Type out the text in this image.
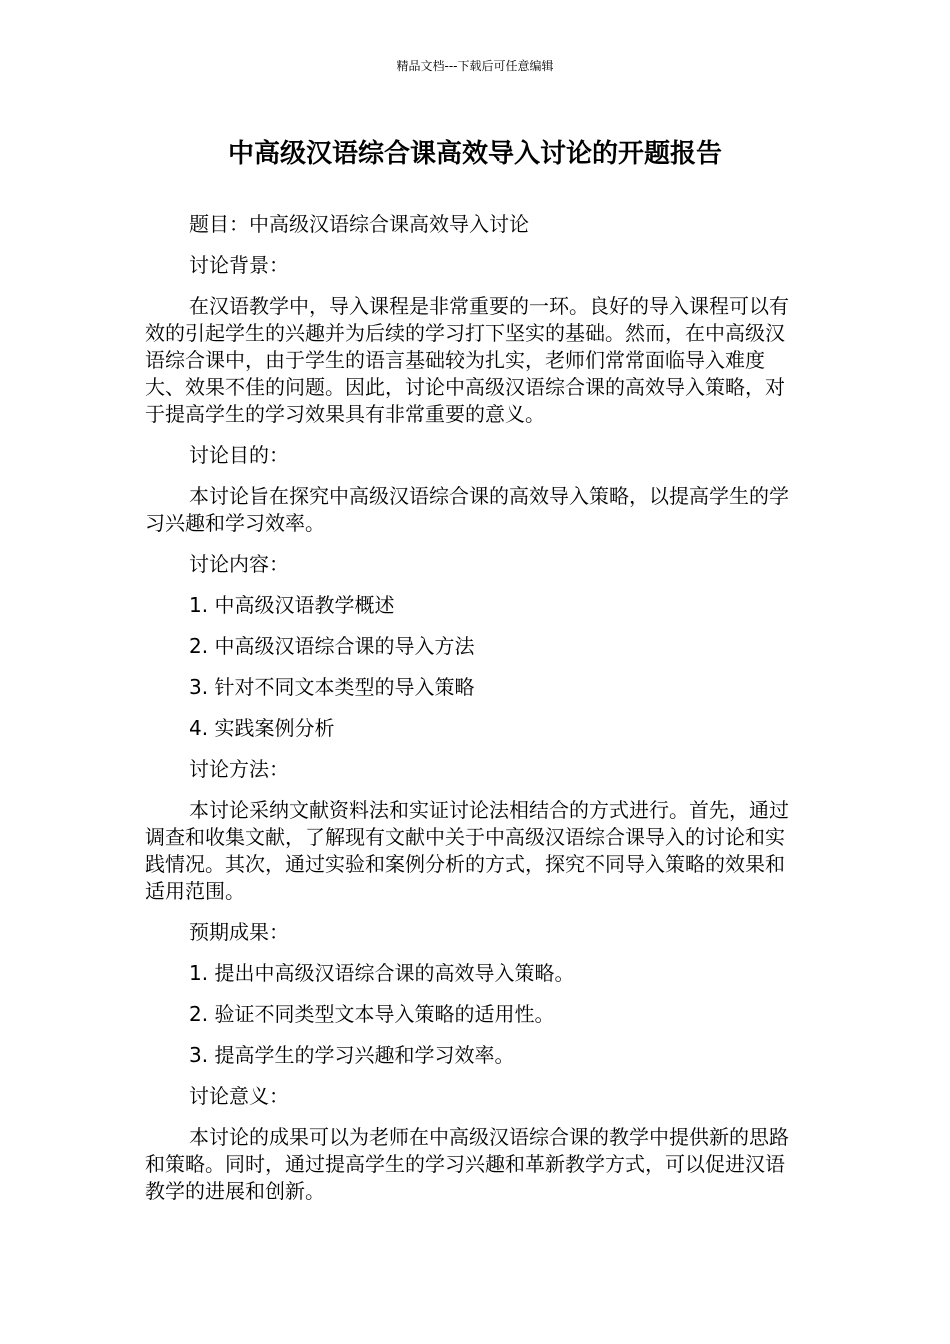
精品文档---下载后可任意编辑
中高级汉语综合课高效导入讨论的开题报告

题目：中高级汉语综合课高效导入讨论

讨论背景：

在汉语教学中，导入课程是非常重要的一环。良好的导入课程可以有效的引起学生的兴趣并为后续的学习打下坚实的基础。然而，在中高级汉语综合课中，由于学生的语言基础较为扎实，老师们常常面临导入难度大、效果不佳的问题。因此，讨论中高级汉语综合课的高效导入策略，对于提高学生的学习效果具有非常重要的意义。

讨论目的：

本讨论旨在探究中高级汉语综合课的高效导入策略，以提高学生的学习兴趣和学习效率。

讨论内容：

1. 中高级汉语教学概述

2. 中高级汉语综合课的导入方法

3. 针对不同文本类型的导入策略

4. 实践案例分析

讨论方法：

本讨论采纳文献资料法和实证讨论法相结合的方式进行。首先，通过调查和收集文献，了解现有文献中关于中高级汉语综合课导入的讨论和实践情况。其次，通过实验和案例分析的方式，探究不同导入策略的效果和适用范围。

预期成果：

1. 提出中高级汉语综合课的高效导入策略。

2. 验证不同类型文本导入策略的适用性。

3. 提高学生的学习兴趣和学习效率。

讨论意义：

本讨论的成果可以为老师在中高级汉语综合课的教学中提供新的思路和策略。同时，通过提高学生的学习兴趣和革新教学方式，可以促进汉语教学的进展和创新。
